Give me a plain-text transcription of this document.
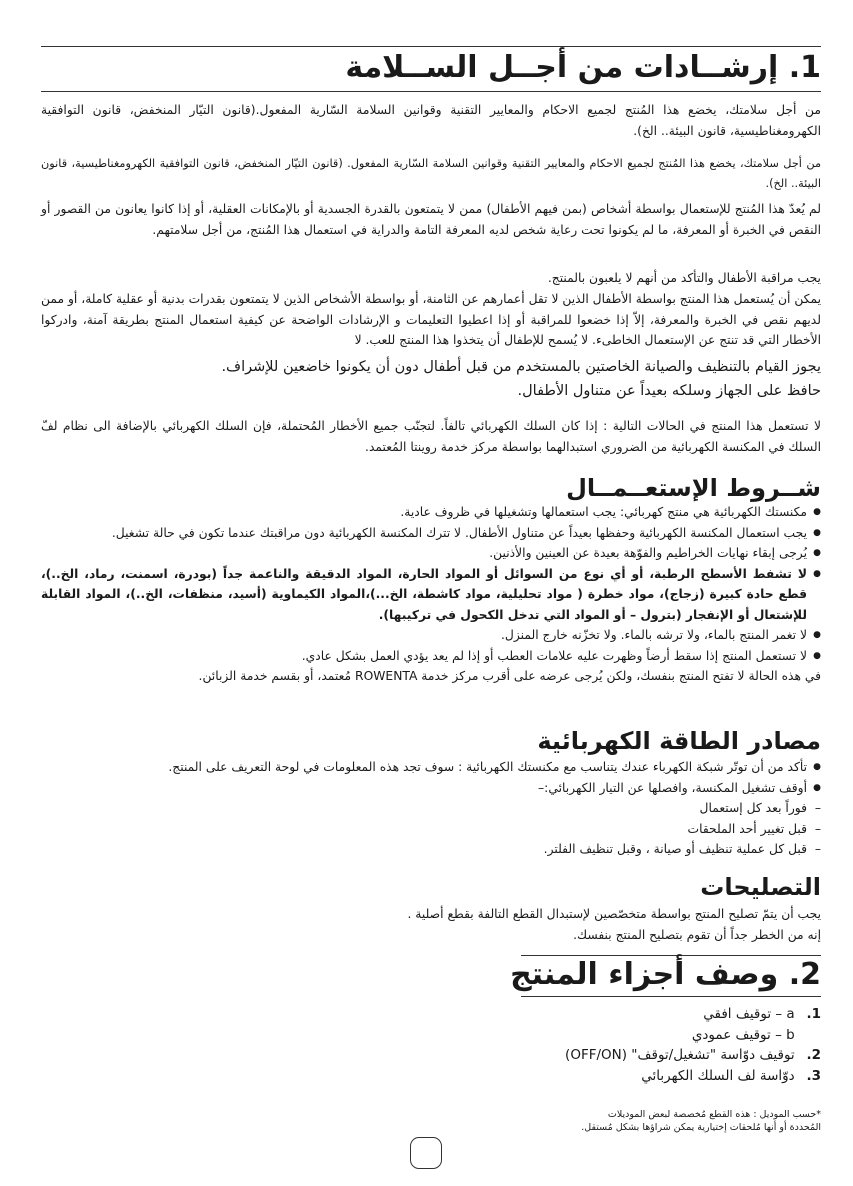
1. إرشــادات من أجــل الســلامة
من أجل سلامتك، يخضع هذا المُنتج لجميع الاحكام والمعايير التقنية وقوانين السلامة السّارية المفعول.(قانون التيّار المنخفض، قانون التوافقية الكهرومغناطيسية، قانون البيئة.. الخ).
من أجل سلامتك، يخضع هذا المُنتج لجميع الاحكام والمعايير التقنية وقوانين السلامة السّارية المفعول. (قانون التيّار المنخفض، قانون التوافقية الكهرومغناطيسية، قانون البيئة.. الخ).
لم يُعدّ هذا المُنتج للإستعمال بواسطة أشخاص (بمن فيهم الأطفال) ممن لا يتمتعون بالقدرة الجسدية أو بالإمكانات العقلية، أو إذا كانوا يعانون من القصور أو النقص في الخبرة أو المعرفة، ما لم يكونوا تحت رعاية شخص لديه المعرفة التامة والدراية في استعمال هذا المُنتج، من أجل سلامتهم.
يجب مراقبة الأطفال والتأكد من أنهم لا يلعبون بالمنتج.
يمكن أن يُستعمل هذا المنتج بواسطة الأطفال الذين لا تقل أعمارهم عن الثامنة، أو بواسطة الأشخاص الذين لا يتمتعون بقدرات بدنية أو عقلية كاملة، أو ممن لديهم نقص في الخبرة والمعرفة، إلاّ إذا خضعوا للمراقبة أو إذا اعطيوا التعليمات و الإرشادات الواضحة عن كيفية استعمال المنتج بطريقة آمنة، وادركوا الأخطار التي قد تنتج عن الإستعمال الخاطىء. لا يُسمح للإطفال أن يتخذوا هذا المنتج للعب. لا
يجوز القيام بالتنظيف والصيانة الخاصتين بالمستخدم من قبل أطفال دون أن يكونوا خاضعين للإشراف.
حافظ على الجهاز وسلكه بعيداً عن متناول الأطفال.
لا تستعمل هذا المنتج في الحالات التالية : إذا كان السلك الكهربائي تالفاً. لتجنّب جميع الأخطار المُحتملة، فإن السلك الكهربائي بالإضافة الى نظام لفّ السلك في المكنسة الكهربائية من الضروري استبدالهما بواسطة مركز خدمة روينتا المُعتمد.
شــروط الإستعــمــال
● مكنستك الكهربائية هي منتج كهربائي: يجب استعمالها وتشغيلها في ظروف عادية.
● يجب استعمال المكنسة الكهربائية وحفظها بعيداً عن متناول الأطفال. لا تترك المكنسة الكهربائية دون مراقبتك عندما تكون في حالة تشغيل.
● يُرجى إبقاء نهايات الخراطيم والفوّهة بعيدة عن العينين والأذنين.
● لا تشفط الأسطح الرطبة، أو أي نوع من السوائل أو المواد الحارة، المواد الدقيقة والناعمة جداً (بودرة، اسمنت، رماد، الخ..)، قطع حادة كبيرة (زجاج)، مواد خطرة ( مواد تحليلية، مواد كاشطة، الخ...)،المواد الكيماوية (أسيد، منظفات، الخ..)، المواد القابلة للإشتعال أو الإنفجار (بترول – أو المواد التي تدخل الكحول في تركيبها).
● لا تغمر المنتج بالماء، ولا ترشه بالماء. ولا تخزّنه خارج المنزل.
● لا تستعمل المنتج إذا سقط أرضاً وظهرت عليه علامات العطب أو إذا لم يعد يؤدي العمل بشكل عادي.
في هذه الحالة لا تفتح المنتج بنفسك، ولكن يُرجى عرضه على أقرب مركز خدمة ROWENTA مُعتمد، أو بقسم خدمة الزبائن.
مصادر الطاقة الكهربائية
● تأكد من أن توتّر شبكة الكهرباء عندك يتناسب مع مكنستك الكهربائية : سوف تجد هذه المعلومات في لوحة التعريف على المنتج.
● أوقف تشغيل المكنسة، وافصلها عن التيار الكهربائي:–
– فوراً بعد كل إستعمال
– قبل تغيير أحد الملحقات
– قبل كل عملية تنظيف أو صيانة ، وقبل تنظيف الفلتر.
التصليحات
يجب أن يتمّ تصليح المنتج بواسطة متخصّصين لإستبدال القطع التالفة بقطع أصلية .
إنه من الخطر جداً أن تقوم بتصليح المنتج بنفسك.
2. وصف أجزاء المنتج
1. a – توقيف افقي
b – توقيف عمودي
2. توقيف دوّاسة "تشغيل/توقف" (OFF/ON)
3. دوّاسة لف السلك الكهربائي
*حسب الموديل : هذه القطع مُخصصة لبعض الموديلات
المُحددة أو أنها مُلحقات إختيارية يمكن شراؤها بشكل مُستقل.
